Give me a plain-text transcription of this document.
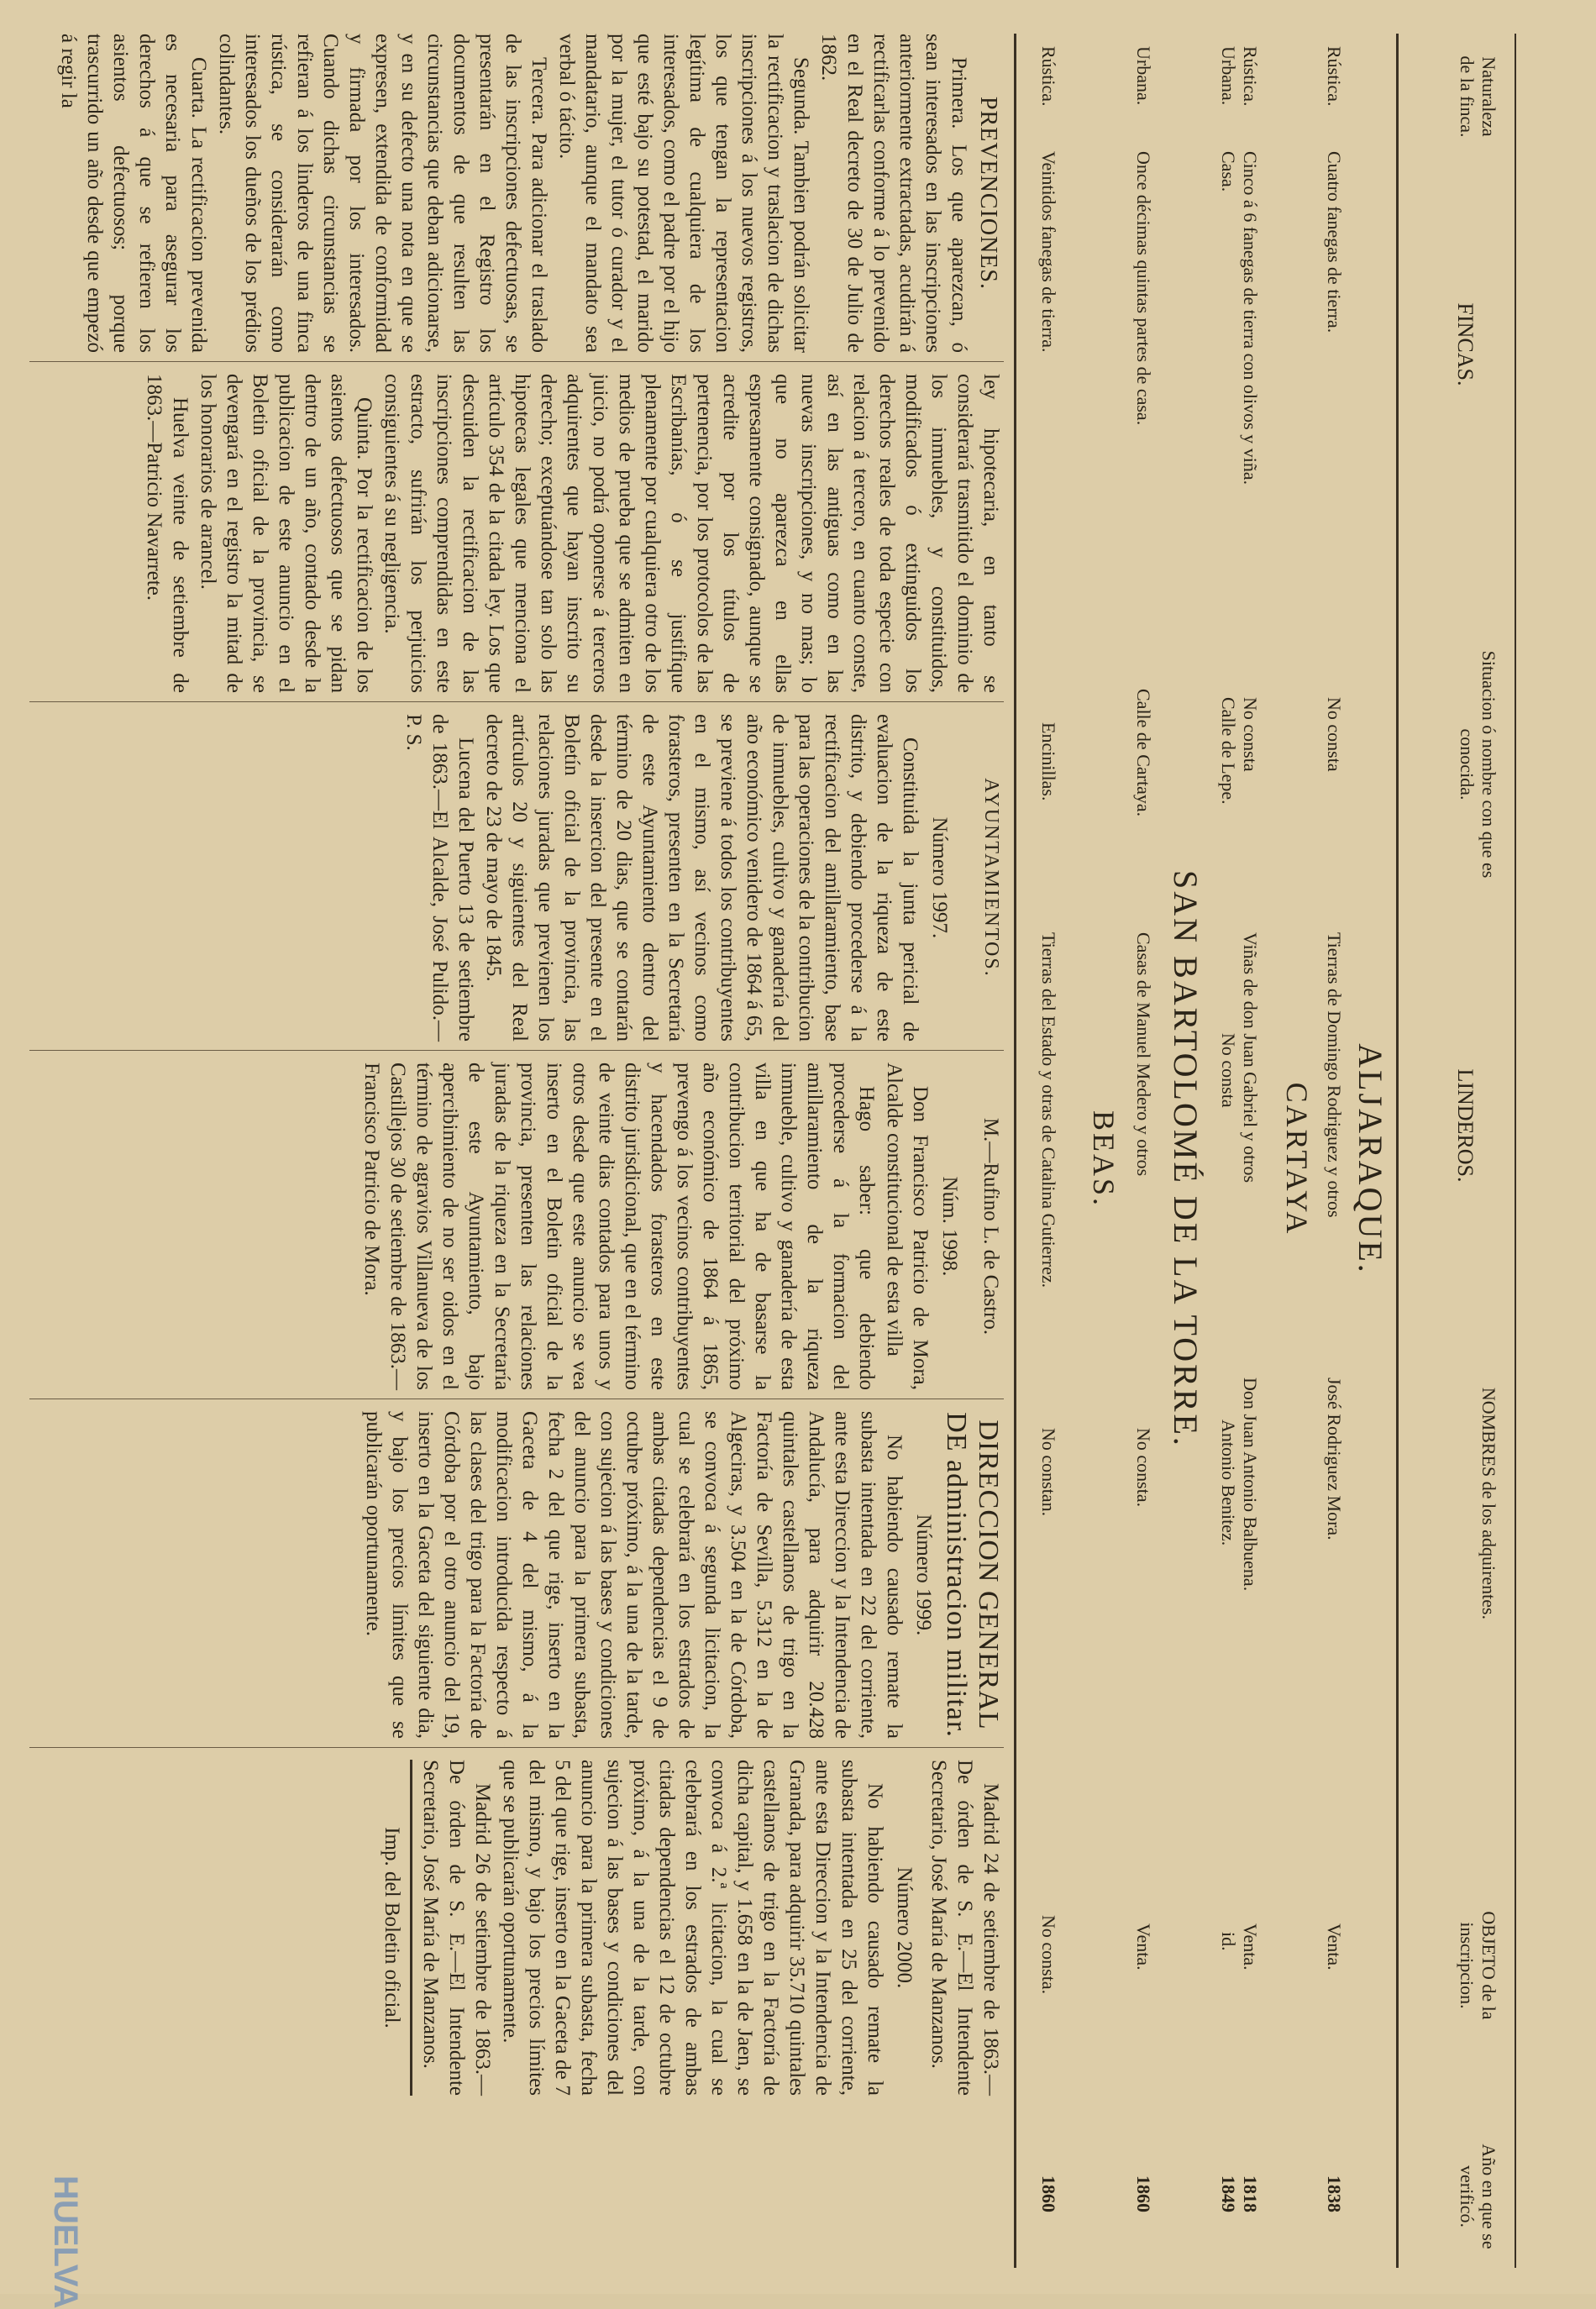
Naturaleza de la finca.
FINCAS.
Situacion ó nombre con que es conocida.
LINDEROS.
NOMBRES de los adquirentes.
OBJETO de la inscripcion.
Año en que se verificó.
ALJARAQUE.
Rústica.
Cuatro fanegas de tierra.
No consta
Tierras de Domingo Rodriguez y otros
José Rodriguez Mora.
Venta.
1838
CARTAYA
Rústica.
Cinco á 6 fanegas de tierra con olivos y viña.
No consta
Viñas de don Juan Gabriel y otros
Don Juan Antonio Balbuena.
Venta.
1818
Urbana.
Casa.
Calle de Lepe.
No consta
Antonio Benitez.
id.
1849
SAN BARTOLOMÉ DE LA TORRE.
Urbana.
Once décimas quintas partes de casa.
Calle de Cartaya.
Casas de Manuel Medero y otros
No consta.
Venta.
1860
BEAS.
Rústica.
Veintidos fanegas de tierra.
Encinillas.
Tierras del Estado y otras de Catalina Gutierrez.
No constan.
No consta.
1860
PREVENCIONES.

Primera. Los que aparezcan, ó sean interesados en las inscripciones anteriormente extractadas, acudirán á rectificarlas conforme á lo prevenido en el Real decreto de 30 de Julio de 1862.

Segunda. Tambien podrán solicitar la rectificacion y traslacion de dichas inscripciones á los nuevos registros, los que tengan la representacion legítima de cualquiera de los interesados, como el padre por el hijo que esté bajo su potestad, el marido por la mujer, el tutor ó curador y el mandatario, aunque el mandato sea verbal ó tácito.

Tercera. Para adicionar el traslado de las inscripciones defectuosas, se presentarán en el Registro los documentos de que resulten las circunstancias que deban adicionarse, y en su defecto una nota en que se expresen, extendida de conformidad y firmada por los interesados. Cuando dichas circunstancias se refieran á los linderos de una finca rústica, se considerarán como interesados los dueños de los prédios colindantes.

Cuarta. La rectificacion prevenida es necesaria para asegurar los derechos á que se refieren los asientos defectuosos; porque trascurrido un año desde que empezó á regir la

ley hipotecaria, en tanto se considerará trasmitido el dominio de los inmuebles, y constituidos, modificados ó extinguidos los derechos reales de toda especie con relacion á tercero, en cuanto conste, así en las antiguas como en las nuevas inscripciones, y no mas; lo que no aparezca en ellas espresamente consignado, aunque se acredite por los títulos de pertenencia, por los protocolos de las Escribanías, ó se justifique plenamente por cualquiera otro de los medios de prueba que se admiten en juicio, no podrá oponerse á terceros adquirentes que hayan inscrito su derecho; exceptuándose tan solo las hipotecas legales que menciona el artículo 354 de la citada ley. Los que descuiden la rectificacion de las inscripciones comprendidas en este estracto, sufrirán los perjuicios consiguientes á su negligencia.

Quinta. Por la rectificacion de los asientos defectuosos que se pidan dentro de un año, contado desde la publicacion de este anuncio en el Boletin oficial de la provincia, se devengará en el registro la mitad de los honorarios de arancel.

Huelva veinte de setiembre de 1863.—Patricio Navarrete.

AYUNTAMIENTOS.
Número 1997.

Constituida la junta pericial de evaluacion de la riqueza de este distrito, y debiendo procederse á la rectificacion del amillaramiento, base para las operaciones de la contribucion de inmuebles, cultivo y ganadería del año económico venidero de 1864 á 65, se previene á todos los contribuyentes en el mismo, así vecinos como forasteros, presenten en la Secretaría de este Ayuntamiento dentro del término de 20 dias, que se contarán desde la insercion del presente en el Boletín oficial de la provincia, las relaciones juradas que previenen los artículos 20 y siguientes del Real decreto de 23 de mayo de 1845.

Lucena del Puerto 13 de setiembre de 1863.—El Alcalde, José Pulido.—P. S.

M.—Rufino L. de Castro.
Núm. 1998.

Don Francisco Patricio de Mora, Alcalde constitucional de esta villa

Hago saber: que debiendo procederse á la formacion del amillaramiento de la riqueza inmueble, cultivo y ganadería de esta villa en que ha de basarse la contribucion territorial del próximo año económico de 1864 á 1865, prevengo á los vecinos contribuyentes y hacendados forasteros en este distrito jurisdicional, que en el término de veinte dias contados para unos y otros desde que este anuncio se vea inserto en el Boletin oficial de la provincia, presenten las relaciones juradas de la riqueza en la Secretaría de este Ayuntamiento, bajo apercibimiento de no ser oidos en el término de agravios Villanueva de los Castillejos 30 de setiembre de 1863.—Francisco Patricio de Mora.

DIRECCION GENERAL DE administracion militar.
Número 1999.

No habiendo causado remate la subasta intentada en 22 del corriente, ante esta Direccion y la Intendencia de Andalucía, para adquirir 20.428 quintales castellanos de trigo en la Factoría de Sevilla, 5.312 en la de Algeciras, y 3.504 en la de Córdoba, se convoca á segunda licitacion, la cual se celebrará en los estrados de ambas citadas dependencias el 9 de octubre próximo, á la una de la tarde, con sujecion á las bases y condiciones del anuncio para la primera subasta, fecha 2 del que rige, inserto en la Gaceta de 4 del mismo, á la modificacion introducida respecto á las clases del trigo para la Factoría de Córdoba por el otro anuncio del 19, inserto en la Gaceta del siguiente dia, y bajo los precios límites que se publicarán oportunamente.

Madrid 24 de setiembre de 1863.—De órden de S. E.—El Intendente Secretario, José María de Manzanos.

Número 2000.

No habiendo causado remate la subasta intentada en 25 del corriente, ante esta Direccion y la Intendencia de Granada, para adquirir 35.710 quintales castellanos de trigo en la Factoría de dicha capital, y 1.658 en la de Jaen, se convoca á 2.ª licitacion, la cual se celebrará en los estrados de ambas citadas dependencias el 12 de octubre próximo, á la una de la tarde, con sujecion á las bases y condiciones del anuncio para la primera subasta, fecha 5 del que rige, inserto en la Gaceta de 7 del mismo, y bajo los precios límites que se publicarán oportunamente.

Madrid 26 de setiembre de 1863.—De órden de S. E.—El Intendente Secretario, José María de Manzanos.

Imp. del Boletin oficial.
HUELVA
